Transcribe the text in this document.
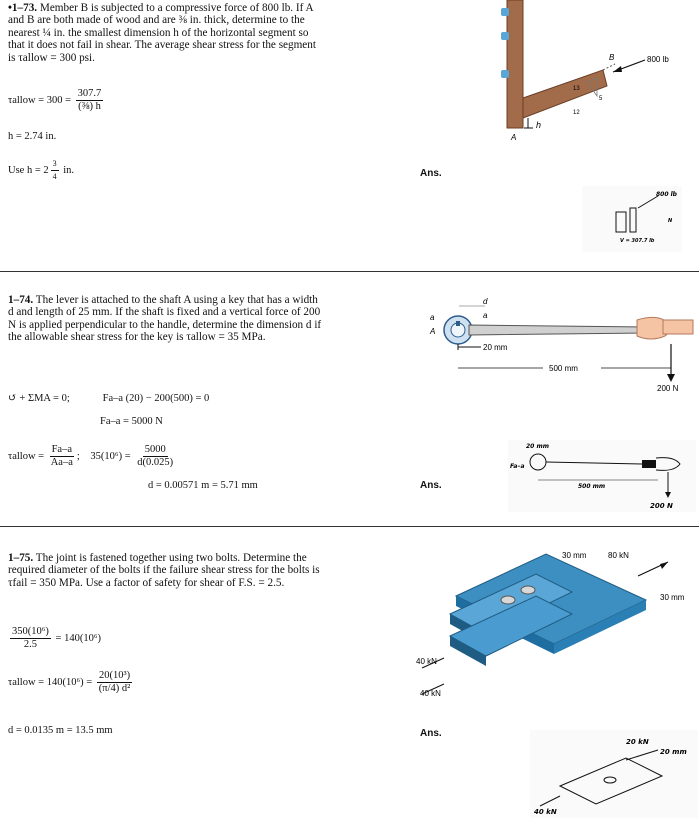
•1–73. Member B is subjected to a compressive force of 800 lb. If A and B are both made of wood and are ⅜ in. thick, determine to the nearest ¼ in. the smallest dimension h of the horizontal segment so that it does not fail in shear. The average shear stress for the segment is τallow = 300 psi.
τallow = $300 = \frac{307.7}{\text{(⅜) h}}$
h = 2.74 in.
Use $h = 2 \frac{3}{4}$ in.	Ans.
h
A
B
13
12
5
800 lb
800 lb
V = 307.7 lb
N
1–74. The lever is attached to the shaft A using a key that has a width d and length of 25 mm. If the shaft is fixed and a vertical force of 200 N is applied perpendicular to the handle, determine the dimension d if the allowable shear stress for the key is τallow = 35 MPa.
↺ + ΣMA = 0;	Fa–a (20) − 200(500) = 0
Fa–a = 5000 N
τallow = $\frac{Fa-a}{Aa-a}$ ; $35(10^6) = \frac{5000}{d(0.025)}$
d = 0.00571 m = 5.71 mm	Ans.
200 N
d
a	a
A
20 mm
500 mm
20 mm
Fa–a
500 mm
200 N
1–75. The joint is fastened together using two bolts. Determine the required diameter of the bolts if the failure shear stress for the bolts is τfail = 350 MPa. Use a factor of safety for shear of F.S. = 2.5.
$\frac{\text{350(10⁶)}}{2.5} = 140(10^6)$
τallow = $140(10^6) = \frac{\text{20(10³)}}{\text{(π/4) d²}}$
d = 0.0135 m = 13.5 mm	Ans.
80 kN
30 mm
30 mm
40 kN
40 kN
20 kN
20 mm
40 kN
